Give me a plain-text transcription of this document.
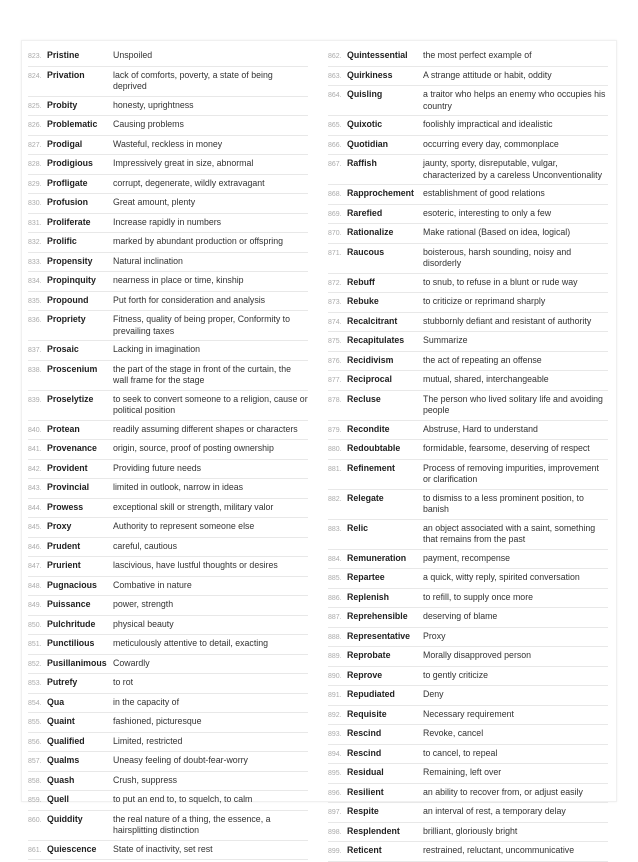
823. Pristine	Unspoiled
824. Privation	lack of comforts, poverty, a state of being deprived
825. Probity	honesty, uprightness
826. Problematic	Causing problems
827. Prodigal	Wasteful, reckless in money
828. Prodigious	Impressively great in size, abnormal
829. Profligate	corrupt, degenerate, wildly extravagant
830. Profusion	Great amount, plenty
831. Proliferate	Increase rapidly in numbers
832. Prolific	marked by abundant production or offspring
833. Propensity	Natural inclination
834. Propinquity	nearness in place or time, kinship
835. Propound	Put forth for consideration and analysis
836. Propriety	Fitness, quality of being proper, Conformity to prevailing taxes
837. Prosaic	Lacking in imagination
838. Proscenium	the part of the stage in front of the curtain, the wall frame for the stage
839. Proselytize	to seek to convert someone to a religion, cause or political position
840. Protean	readily assuming different shapes or characters
841. Provenance	origin, source, proof of posting ownership
842. Provident	Providing future needs
843. Provincial	limited in outlook, narrow in ideas
844. Prowess	exceptional skill or strength, military valor
845. Proxy	Authority to represent someone else
846. Prudent	careful, cautious
847. Prurient	lascivious, have lustful thoughts or desires
848. Pugnacious	Combative in nature
849. Puissance	power, strength
850. Pulchritude	physical beauty
851. Punctilious	meticulously attentive to detail, exacting
852. Pusillanimous Cowardly
853. Putrefy	to rot
854. Qua	in the capacity of
855. Quaint	fashioned, picturesque
856. Qualified	Limited, restricted
857. Qualms	Uneasy feeling of doubt-fear-worry
858. Quash	Crush, suppress
859. Quell	to put an end to, to squelch, to calm
860. Quiddity	the real nature of a thing, the essence, a hairsplitting distinction
861. Quiescence	State of inactivity, set rest
862. Quintessential	the most perfect example of
863. Quirkiness	A strange attitude or habit, oddity
864. Quisling	a traitor who helps an enemy who occupies his country
865. Quixotic	foolishly impractical and idealistic
866. Quotidian	occurring every day, commonplace
867. Raffish	jaunty, sporty, disreputable, vulgar, characterized by a careless Unconventionality
868. Rapprochement	establishment of good relations
869. Rarefied	esoteric, interesting to only a few
870. Rationalize	Make rational (Based on idea, logical)
871. Raucous	boisterous, harsh sounding, noisy and disorderly
872. Rebuff	to snub, to refuse in a blunt or rude way
873. Rebuke	to criticize or reprimand sharply
874. Recalcitrant	stubbornly defiant and resistant of authority
875. Recapitulates	Summarize
876. Recidivism	the act of repeating an offense
877. Reciprocal	mutual, shared, interchangeable
878. Recluse	The person who lived solitary life and avoiding people
879. Recondite	Abstruse, Hard to understand
880. Redoubtable	formidable, fearsome, deserving of respect
881. Refinement	Process of removing impurities, improvement or clarification
882. Relegate	to dismiss to a less prominent position, to banish
883. Relic	an object associated with a saint, something that remains from the past
884. Remuneration	payment, recompense
885. Repartee	a quick, witty reply, spirited conversation
886. Replenish	to refill, to supply once more
887. Reprehensible	deserving of blame
888. Representative	Proxy
889. Reprobate	Morally disapproved person
890. Reprove	to gently criticize
891. Repudiated	Deny
892. Requisite	Necessary requirement
893. Rescind	Revoke, cancel
894. Rescind	to cancel, to repeal
895. Residual	Remaining, left over
896. Resilient	an ability to recover from, or adjust easily
897. Respite	an interval of rest, a temporary delay
898. Resplendent	brilliant, gloriously bright
899. Reticent	restrained, reluctant, uncommunicative
